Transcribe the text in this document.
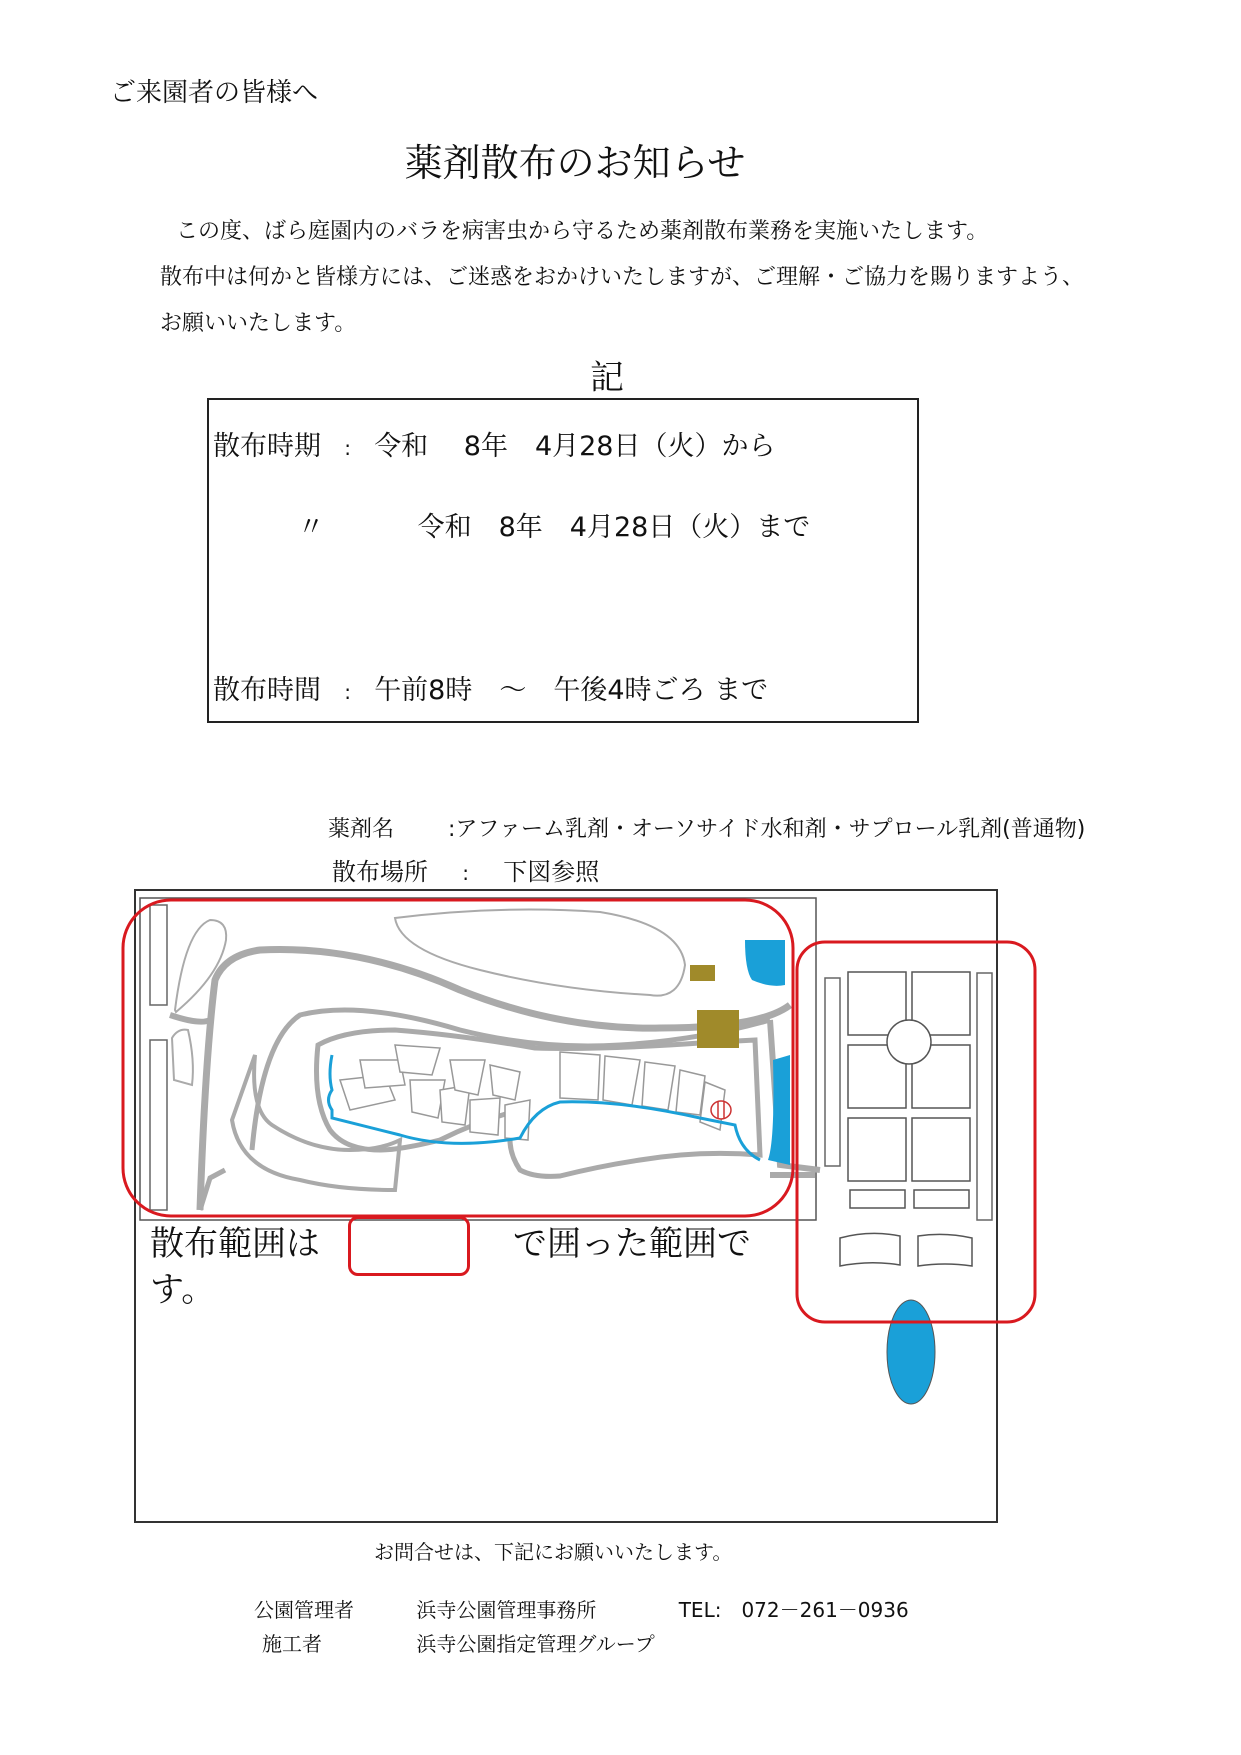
ご来園者の皆様へ
薬剤散布のお知らせ
この度、ばら庭園内のバラを病害虫から守るため薬剤散布業務を実施いたします。
散布中は何かと皆様方には、ご迷惑をおかけいたしますが、ご理解・ご協力を賜りますよう、
お願いいたします。
記
散布時期 : 令和　 8年　4月28日（火）から
〃	令和　8年　4月28日（火）まで
散布時間 : 午前8時　～　午後4時ごろ まで
薬剤名 :アファーム乳剤・オーソサイド水和剤・サプロール乳剤(普通物)
散布場所 : 下図参照
散布範囲は	で囲った範囲で
す。
お問合せは、下記にお願いいたします。
公園管理者	浜寺公園管理事務所	TEL:　072－261－0936
施工者	浜寺公園指定管理グループ
